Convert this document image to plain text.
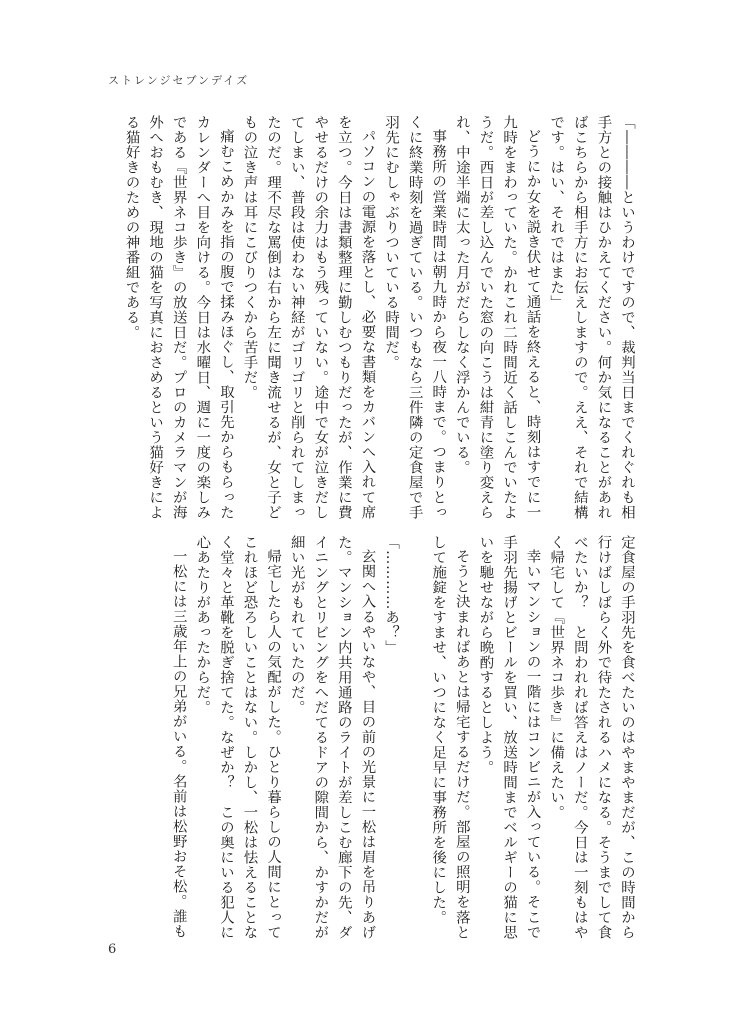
ストレンジセブンデイズ
「――――というわけですので、裁判当日までくれぐれも相手方との接触はひかえてください。何か気になることがあればこちらから相手方にお伝えしますので。ええ、それで結構です。はい、それではまた」
どうにか女を説き伏せて通話を終えると、時刻はすでに一九時をまわっていた。かれこれ二時間近く話しこんでいたようだ。西日が差し込んでいた窓の向こうは紺青に塗り変えられ、中途半端に太った月がだらしなく浮かんでいる。
事務所の営業時間は朝九時から夜一八時まで。つまりとっくに終業時刻を過ぎている。いつもなら三件隣の定食屋で手羽先にむしゃぶりついている時間だ。
パソコンの電源を落とし、必要な書類をカバンへ入れて席を立つ。今日は書類整理に勤しむつもりだったが、作業に費やせるだけの余力はもう残っていない。途中で女が泣きだしてしまい、普段は使わない神経がゴリゴリと削られてしまったのだ。理不尽な罵倒は右から左に聞き流せるが、女と子どもの泣き声は耳にこびりつくから苦手だ。
痛むこめかみを指の腹で揉みほぐし、取引先からもらったカレンダーへ目を向ける。今日は水曜日、週に一度の楽しみである『世界ネコ歩き』の放送日だ。プロのカメラマンが海外へおもむき、現地の猫を写真におさめるという猫好きによる猫好きのための神番組である。
定食屋の手羽先を食べたいのはやまやまだが、この時間から行けばしばらく外で待たされるハメになる。そうまでして食べたいか？　と問われれば答えはノーだ。今日は一刻もはやく帰宅して『世界ネコ歩き』に備えたい。
幸いマンションの一階にはコンビニが入っている。そこで手羽先揚げとビールを買い、放送時間までベルギーの猫に思いを馳せながら晩酌するとしよう。
そうと決まればあとは帰宅するだけだ。部屋の照明を落として施錠をすませ、いつになく足早に事務所を後にした。
「…………あ？」
玄関へ入るやいなや、目の前の光景に一松は眉を吊りあげた。マンション内共用通路のライトが差しこむ廊下の先、ダイニングとリビングをへだてるドアの隙間から、かすかだが細い光がもれていたのだ。
帰宅したら人の気配がした。ひとり暮らしの人間にとってこれほど恐ろしいことはない。しかし、一松は怯えることなく堂々と革靴を脱ぎ捨てた。なぜか？　この奥にいる犯人に心あたりがあったからだ。
一松には三歳年上の兄弟がいる。名前は松野おそ松。誰も
6
